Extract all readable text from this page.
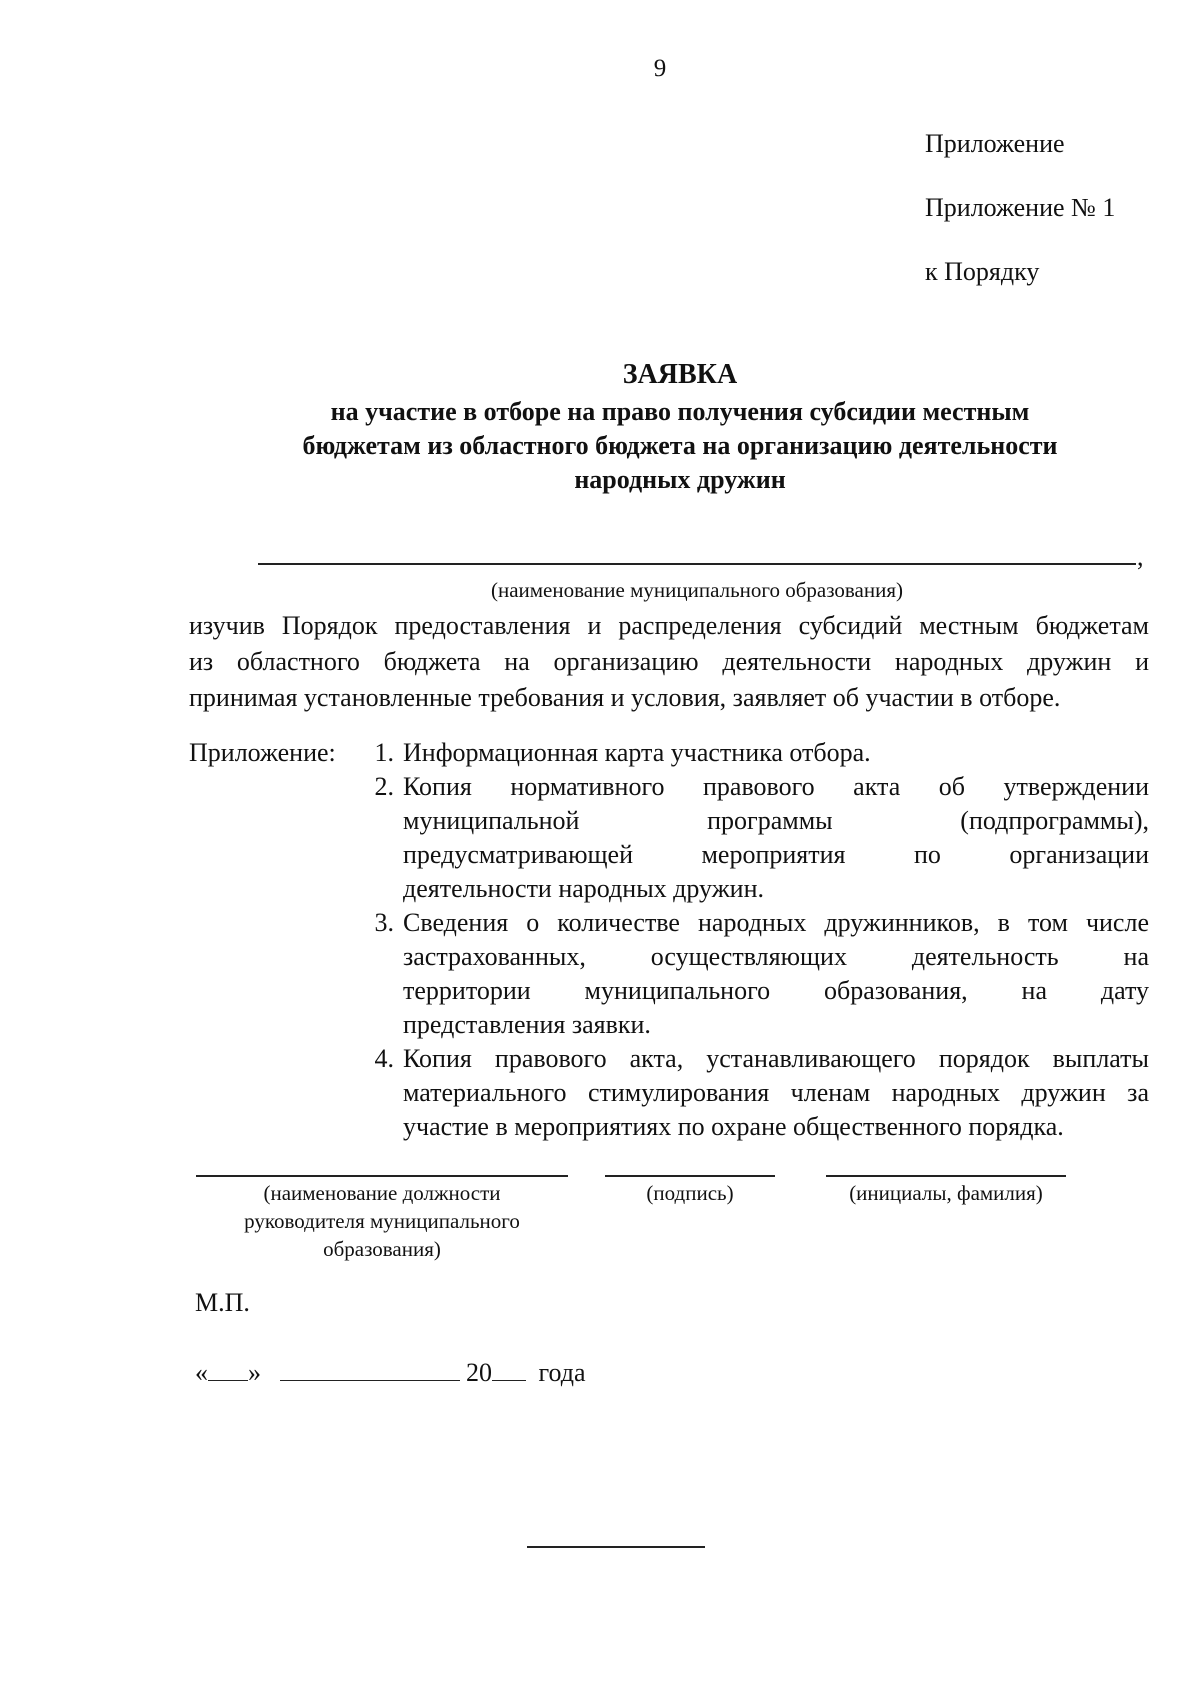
9
Приложение
Приложение № 1
к Порядку
ЗАЯВКА
на участие в отборе на право получения субсидии местным
бюджетам из областного бюджета на организацию деятельности
народных дружин
,
(наименование муниципального образования)
изучив Порядок предоставления и распределения субсидий местным бюджетам
из областного бюджета на организацию деятельности народных дружин и
принимая установленные требования и условия, заявляет об участии в отборе.
Приложение:	1. Информационная карта участника отбора.
2. Копия нормативного правового акта об утверждении
муниципальной программы (подпрограммы),
предусматривающей мероприятия по организации
деятельности народных дружин.
3. Сведения о количестве народных дружинников, в том числе
застрахованных, осуществляющих деятельность на
территории муниципального образования, на дату
представления заявки.
4. Копия правового акта, устанавливающего порядок выплаты
материального стимулирования членам народных дружин за
участие в мероприятиях по охране общественного порядка.
(наименование должности
руководителя муниципального
образования)
(подпись)	(инициалы, фамилия)
М.П.
« »	20 года
